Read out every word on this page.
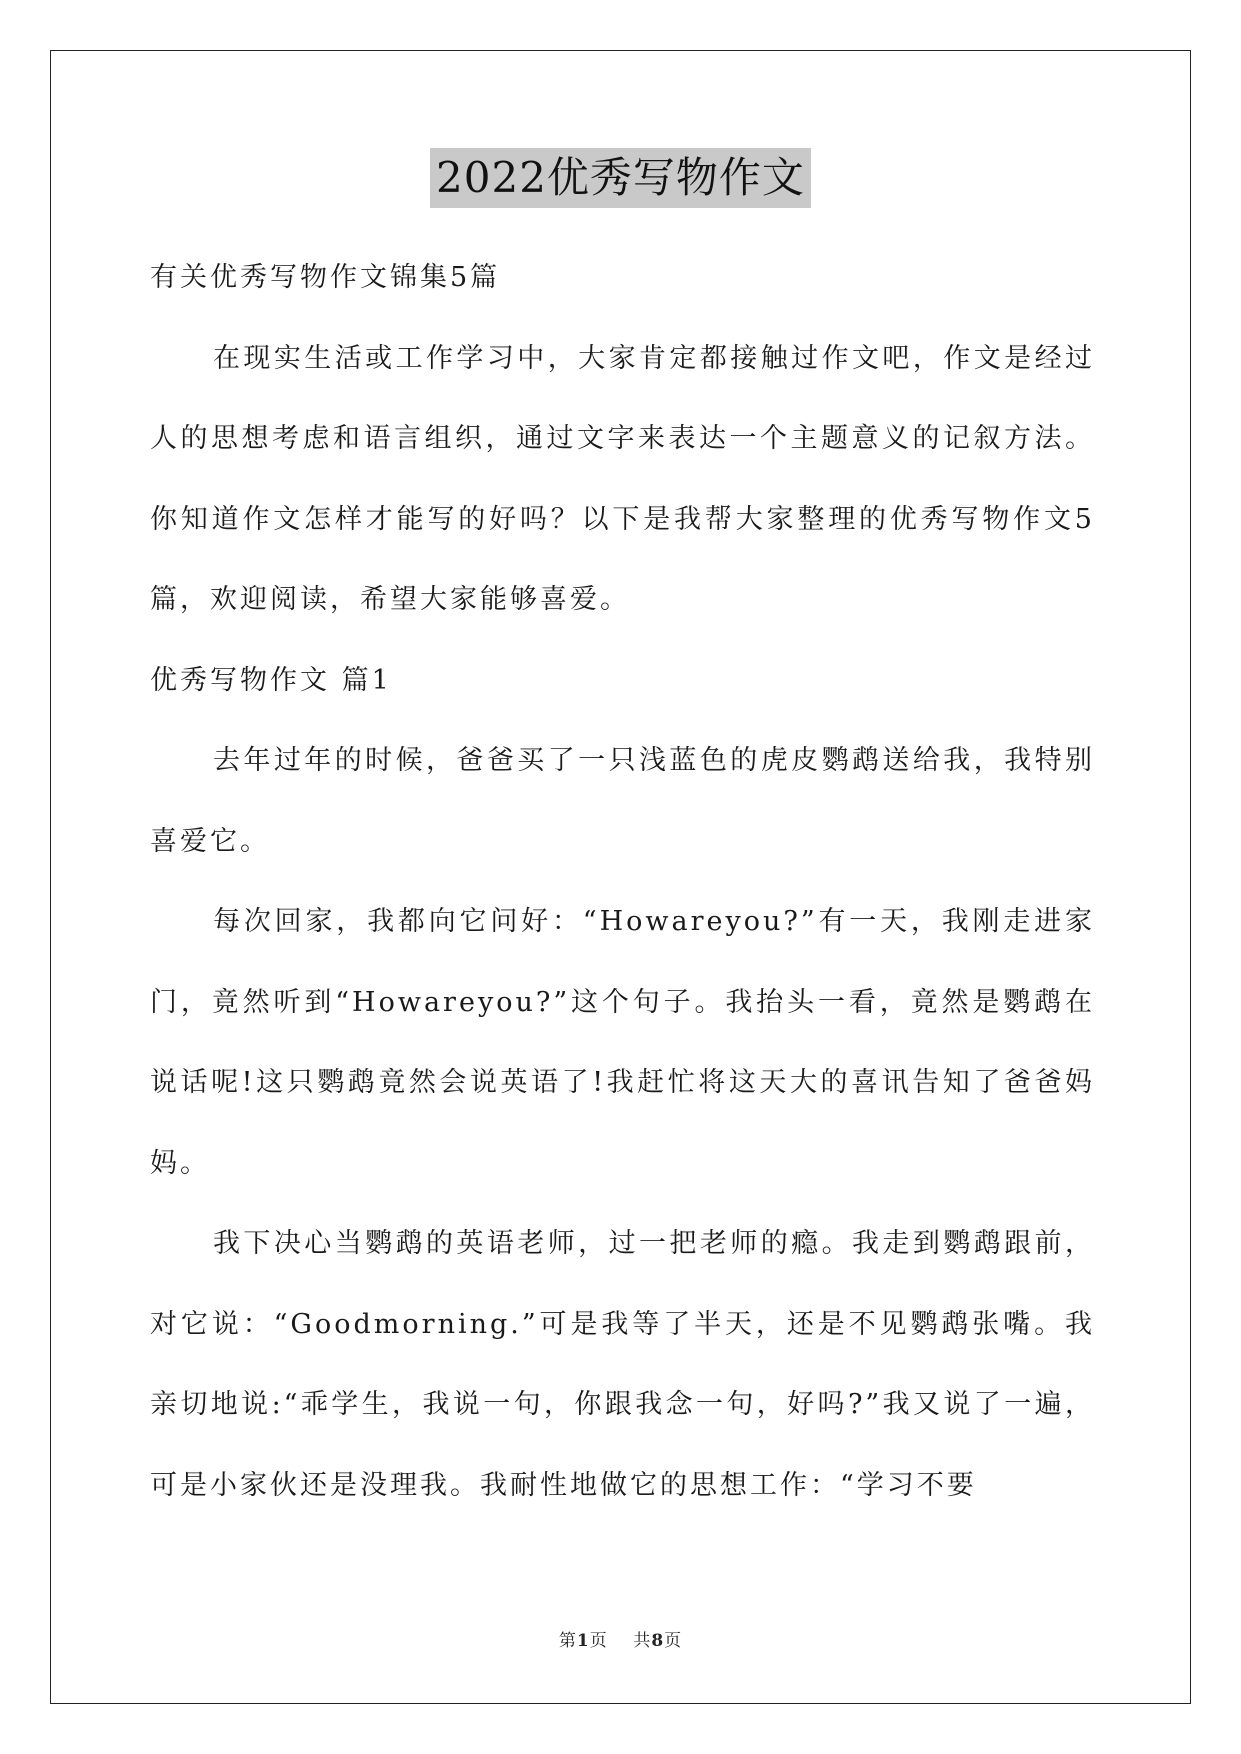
2022优秀写物作文

有关优秀写物作文锦集5篇

在现实生活或工作学习中，大家肯定都接触过作文吧，作文是经过人的思想考虑和语言组织，通过文字来表达一个主题意义的记叙方法。你知道作文怎样才能写的好吗？以下是我帮大家整理的优秀写物作文5篇，欢迎阅读，希望大家能够喜爱。

优秀写物作文 篇1

去年过年的时候，爸爸买了一只浅蓝色的虎皮鹦鹉送给我，我特别喜爱它。

每次回家，我都向它问好：“Howareyou?”有一天，我刚走进家门，竟然听到“Howareyou?”这个句子。我抬头一看，竟然是鹦鹉在说话呢!这只鹦鹉竟然会说英语了!我赶忙将这天大的喜讯告知了爸爸妈妈。

我下决心当鹦鹉的英语老师，过一把老师的瘾。我走到鹦鹉跟前，对它说：“Goodmorning.”可是我等了半天，还是不见鹦鹉张嘴。我亲切地说:“乖学生，我说一句，你跟我念一句，好吗?”我又说了一遍，可是小家伙还是没理我。我耐性地做它的思想工作：“学习不要

第1页 共8页
